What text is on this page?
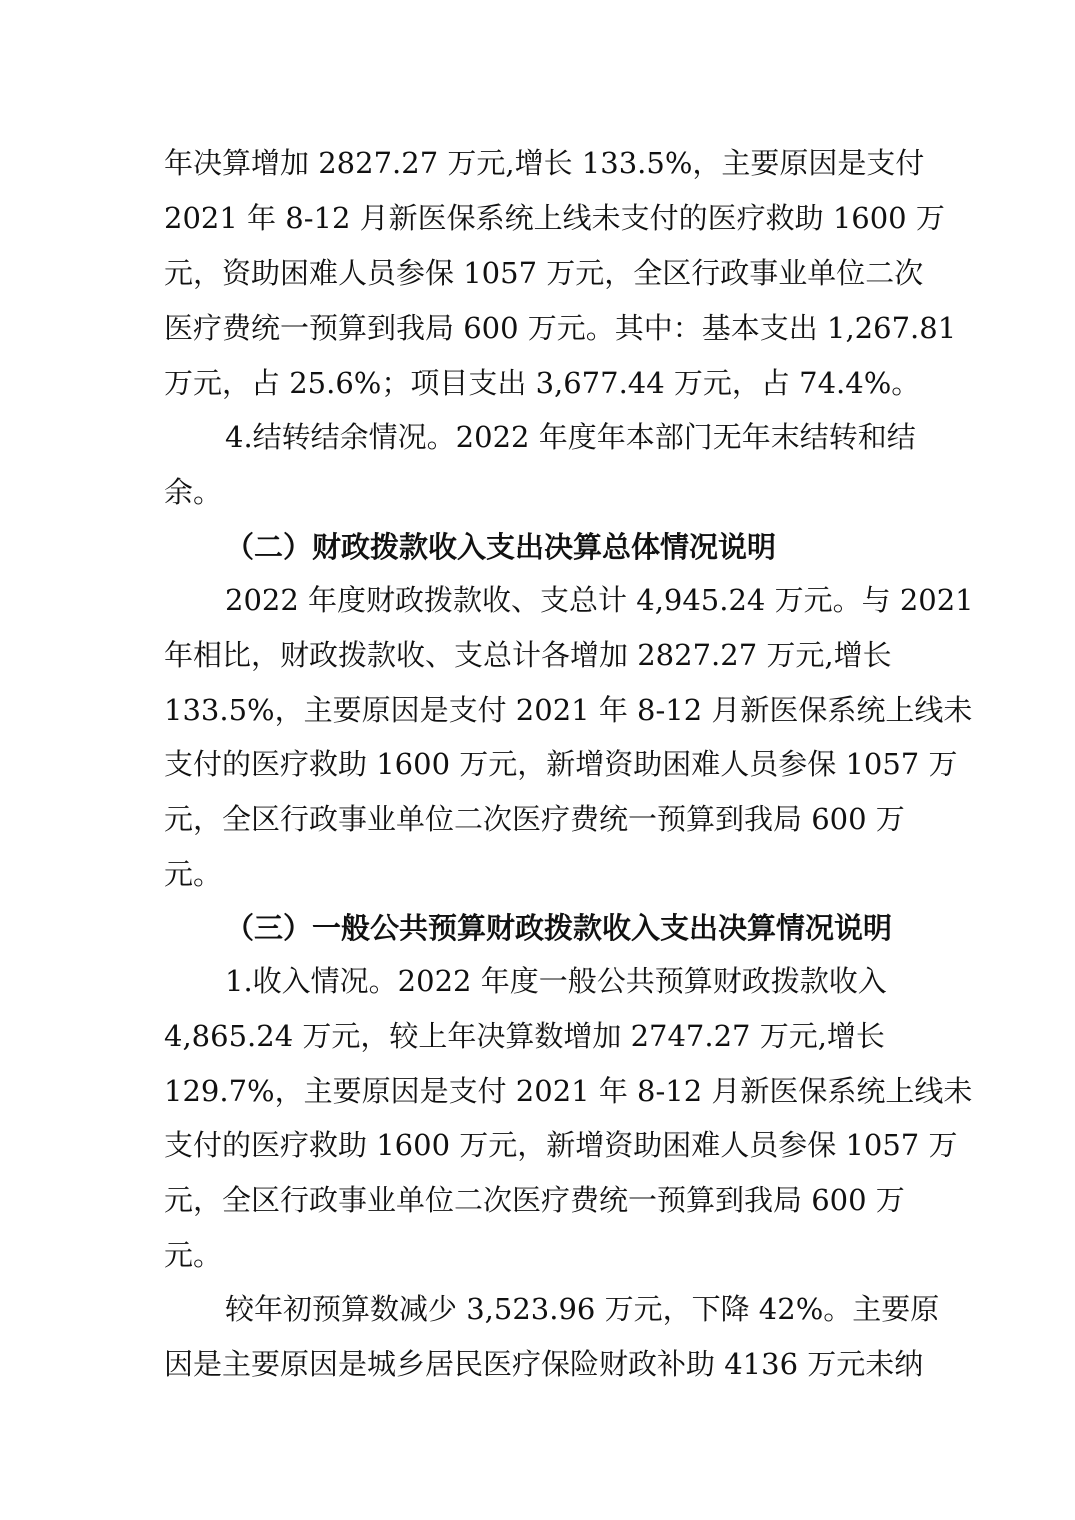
年决算增加 2827.27 万元,增长 133.5%，主要原因是支付
2021 年 8-12 月新医保系统上线未支付的医疗救助 1600 万
元，资助困难人员参保 1057 万元，全区行政事业单位二次
医疗费统一预算到我局 600 万元。其中：基本支出 1,267.81
万元，占 25.6%；项目支出 3,677.44 万元，占 74.4%。
4.结转结余情况。2022 年度年本部门无年末结转和结
余。
（二）财政拨款收入支出决算总体情况说明
2022 年度财政拨款收、支总计 4,945.24 万元。与 2021
年相比，财政拨款收、支总计各增加 2827.27 万元,增长
133.5%，主要原因是支付 2021 年 8-12 月新医保系统上线未
支付的医疗救助 1600 万元，新增资助困难人员参保 1057 万
元，全区行政事业单位二次医疗费统一预算到我局 600 万
元。
（三）一般公共预算财政拨款收入支出决算情况说明
1.收入情况。2022 年度一般公共预算财政拨款收入
4,865.24 万元，较上年决算数增加 2747.27 万元,增长
129.7%，主要原因是支付 2021 年 8-12 月新医保系统上线未
支付的医疗救助 1600 万元，新增资助困难人员参保 1057 万
元，全区行政事业单位二次医疗费统一预算到我局 600 万
元。
较年初预算数减少 3,523.96 万元，下降 42%。主要原
因是主要原因是城乡居民医疗保险财政补助 4136 万元未纳
